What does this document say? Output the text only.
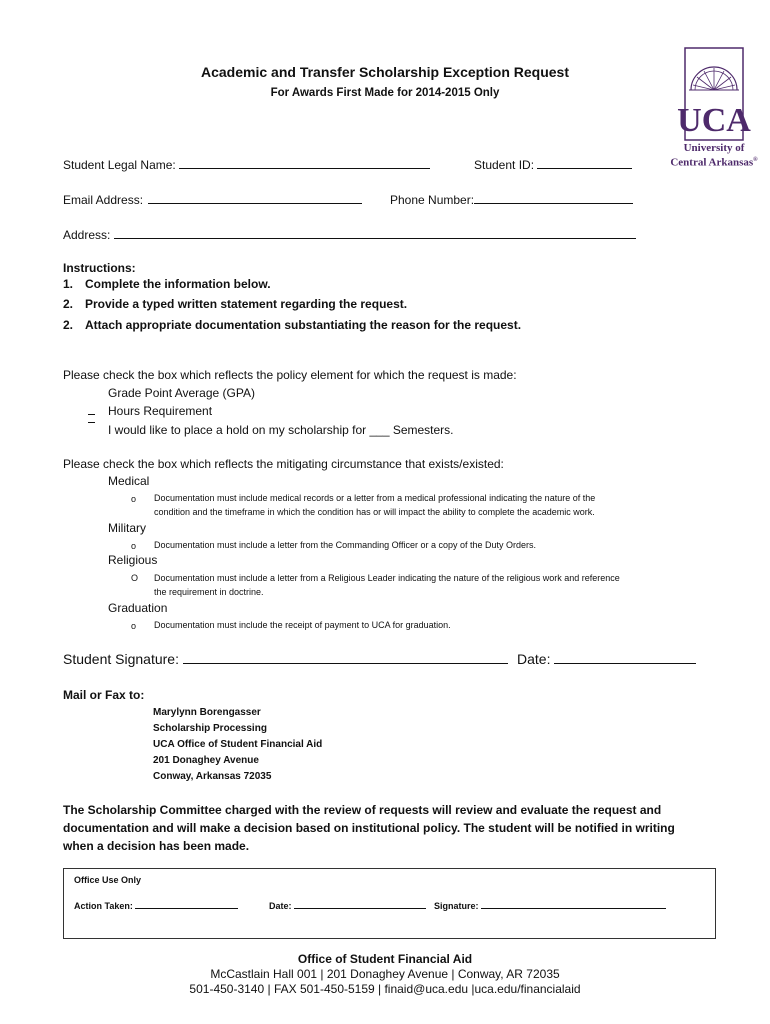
UCA
University of
Central Arkansas®
Academic and Transfer Scholarship Exception Request
For Awards First Made for 2014-2015 Only
Student Legal Name:	Student ID:
Email Address:	Phone Number:
Address:
Instructions:
1. Complete the information below.
2. Provide a typed written statement regarding the request.
2. Attach appropriate documentation substantiating the reason for the request.
Please check the box which reflects the policy element for which the request is made:
Grade Point Average (GPA)
Hours Requirement
I would like to place a hold on my scholarship for ___ Semesters.
Please check the box which reflects the mitigating circumstance that exists/existed:
Medical
o Documentation must include medical records or a letter from a medical professional indicating the nature of the
condition and the timeframe in which the condition has or will impact the ability to complete the academic work.
Military
o Documentation must include a letter from the Commanding Officer or a copy of the Duty Orders.
Religious
O Documentation must include a letter from a Religious Leader indicating the nature of the religious work and reference
the requirement in doctrine.
Graduation
o Documentation must include the receipt of payment to UCA for graduation.
Student Signature:	Date:
Mail or Fax to:
Marylynn Borengasser
Scholarship Processing
UCA Office of Student Financial Aid
201 Donaghey Avenue
Conway, Arkansas 72035
The Scholarship Committee charged with the review of requests will review and evaluate the request and
documentation and will make a decision based on institutional policy. The student will be notified in writing
when a decision has been made.
Office Use Only
Action Taken:	Date:	Signature:
Office of Student Financial Aid
McCastlain Hall 001 | 201 Donaghey Avenue | Conway, AR 72035
501-450-3140 | FAX 501-450-5159 | finaid@uca.edu |uca.edu/financialaid
